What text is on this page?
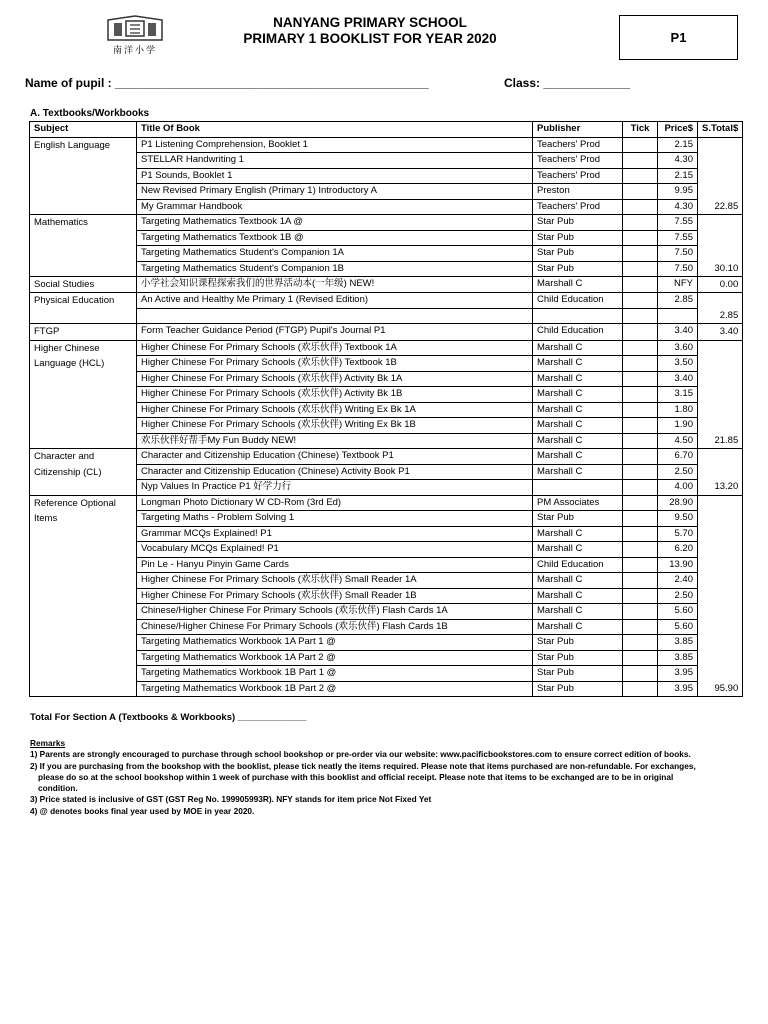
南洋小学
NANYANG PRIMARY SCHOOL
PRIMARY 1 BOOKLIST FOR YEAR 2020	P1
Name of pupil : _______________________________________________	Class: _____________
A. Textbooks/Workbooks
Subject	Title Of Book	Publisher	Tick	Price$	S.Total$
English Language	P1 Listening Comprehension, Booklet 1	Teachers' Prod		2.15	22.85
	STELLAR Handwriting 1	Teachers' Prod		4.30	
	P1 Sounds, Booklet 1	Teachers' Prod		2.15	
	New Revised Primary English (Primary 1) Introductory A	Preston		9.95	
	My Grammar Handbook	Teachers' Prod		4.30	
Mathematics	Targeting Mathematics Textbook 1A @	Star Pub		7.55	30.10
	Targeting Mathematics Textbook 1B @	Star Pub		7.55	
	Targeting Mathematics Student's Companion 1A	Star Pub		7.50	
	Targeting Mathematics Student's Companion 1B	Star Pub		7.50	
Social Studies	小学社会知识课程探索我们的世界活动本(一年级) NEW!	Marshall C		NFY	0.00
Physical Education	An Active and Healthy Me Primary 1 (Revised Edition)	Child Education		2.85	2.85

FTGP	Form Teacher Guidance Period (FTGP) Pupil's Journal P1	Child Education		3.40	3.40
Higher Chinese Language (HCL)	Higher Chinese For Primary Schools (欢乐伙伴) Textbook 1A	Marshall C		3.60	21.85
	Higher Chinese For Primary Schools (欢乐伙伴) Textbook 1B	Marshall C		3.50	
	Higher Chinese For Primary Schools (欢乐伙伴) Activity Bk 1A	Marshall C		3.40	
	Higher Chinese For Primary Schools (欢乐伙伴) Activity Bk 1B	Marshall C		3.15	
	Higher Chinese For Primary Schools (欢乐伙伴) Writing Ex Bk 1A	Marshall C		1.80	
	Higher Chinese For Primary Schools (欢乐伙伴) Writing Ex Bk 1B	Marshall C		1.90	
	欢乐伙伴好帮手My Fun Buddy NEW!	Marshall C		4.50	
Character and Citizenship (CL)	Character and Citizenship Education (Chinese) Textbook P1	Marshall C		6.70	13.20
	Character and Citizenship Education (Chinese) Activity Book P1	Marshall C		2.50	
	Nyp Values In Practice P1 好学力行			4.00	
Reference Optional Items	Longman Photo Dictionary W CD-Rom (3rd Ed)	PM Associates		28.90	95.90
	Targeting Maths - Problem Solving 1	Star Pub		9.50	
	Grammar MCQs Explained! P1	Marshall C		5.70	
	Vocabulary MCQs Explained! P1	Marshall C		6.20	
	Pin Le - Hanyu Pinyin Game Cards	Child Education		13.90	
	Higher Chinese For Primary Schools (欢乐伙伴) Small Reader 1A	Marshall C		2.40	
	Higher Chinese For Primary Schools (欢乐伙伴) Small Reader 1B	Marshall C		2.50	
	Chinese/Higher Chinese For Primary Schools (欢乐伙伴) Flash Cards 1A	Marshall C		5.60	
	Chinese/Higher Chinese For Primary Schools (欢乐伙伴) Flash Cards 1B	Marshall C		5.60	
	Targeting Mathematics Workbook 1A Part 1 @	Star Pub		3.85	
	Targeting Mathematics Workbook 1A Part 2 @	Star Pub		3.85	
	Targeting Mathematics Workbook 1B Part 1 @	Star Pub		3.95	
	Targeting Mathematics Workbook 1B Part 2 @	Star Pub		3.95	
Total For Section A (Textbooks & Workbooks) _____________
Remarks
1) Parents are strongly encouraged to purchase through school bookshop or pre-order via our website: www.pacificbookstores.com to ensure correct edition of books.
2) If you are purchasing from the bookshop with the booklist, please tick neatly the items required. Please note that items purchased are non-refundable. For exchanges,
please do so at the school bookshop within 1 week of purchase with this booklist and official receipt. Please note that items to be exchanged are to be in original
condition.
3) Price stated is inclusive of GST (GST Reg No. 199905993R). NFY stands for item price Not Fixed Yet
4) @ denotes books final year used by MOE in year 2020.
